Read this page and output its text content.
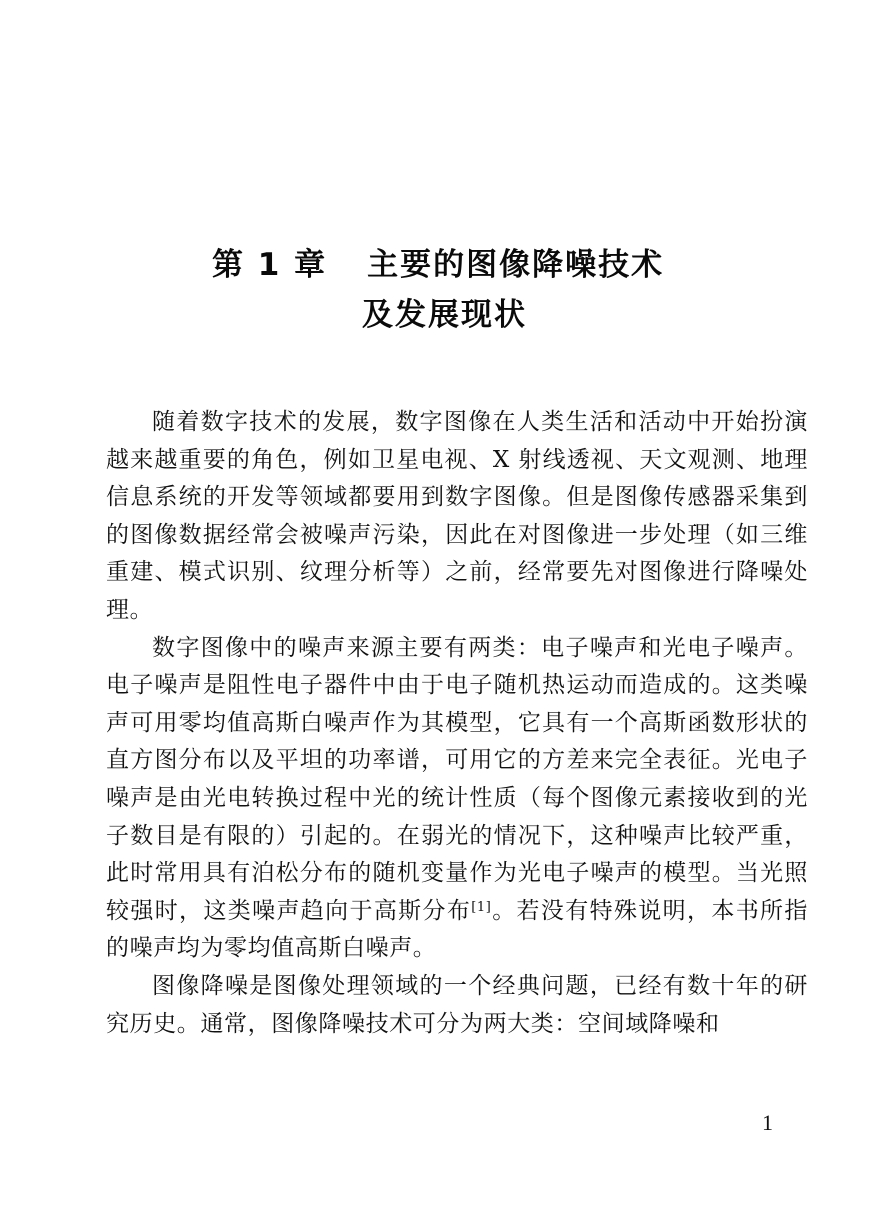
第 1 章 主要的图像降噪技术
及发展现状

随着数字技术的发展，数字图像在人类生活和活动中开始扮演越来越重要的角色，例如卫星电视、X 射线透视、天文观测、地理信息系统的开发等领域都要用到数字图像。但是图像传感器采集到的图像数据经常会被噪声污染，因此在对图像进一步处理（如三维重建、模式识别、纹理分析等）之前，经常要先对图像进行降噪处理。

数字图像中的噪声来源主要有两类：电子噪声和光电子噪声。电子噪声是阻性电子器件中由于电子随机热运动而造成的。这类噪声可用零均值高斯白噪声作为其模型，它具有一个高斯函数形状的直方图分布以及平坦的功率谱，可用它的方差来完全表征。光电子噪声是由光电转换过程中光的统计性质（每个图像元素接收到的光子数目是有限的）引起的。在弱光的情况下，这种噪声比较严重，此时常用具有泊松分布的随机变量作为光电子噪声的模型。当光照较强时，这类噪声趋向于高斯分布[1]。若没有特殊说明，本书所指的噪声均为零均值高斯白噪声。

图像降噪是图像处理领域的一个经典问题，已经有数十年的研究历史。通常，图像降噪技术可分为两大类：空间域降噪和

1
